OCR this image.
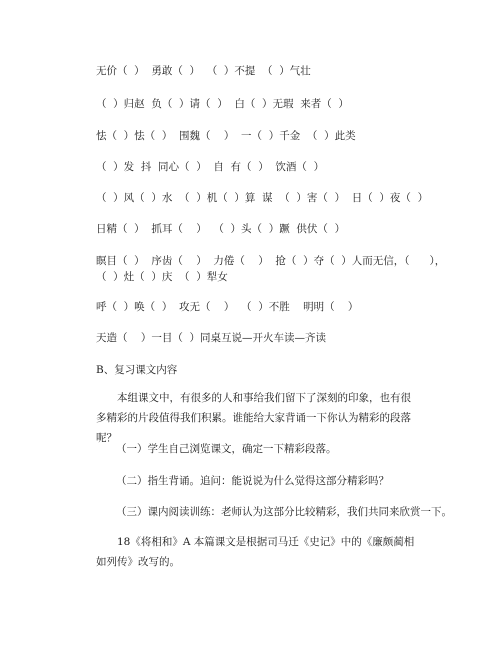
无价（  ）  勇敢（  ）  （  ）不提  （  ）气壮
（  ）归赵  负（  ）请（  ）  白（  ）无瑕  来者（  ）
怯（  ）怯（  ）  围魏（    ）  一（  ）千金  （  ）此类
（  ）发  抖  同心（  ）  自  有（  ）  饮酒（  ）
（  ）风（  ）水  （  ）机（  ）算  谋  （  ）害（  ）  日（  ）夜（  ）
日精（  ）  抓耳（    ）  （  ）头（  ）蹶  供伏（  ）
瞑目（  ）  序齿（    ）  力倦（    ）  抢（  ）夺（  ）人而无信，（      ），
（  ）灶（  ）庆  （  ）犁女
呼（  ）唤（  ）  攻无（    ）  （  ）不胜    明明（    ）
天造（    ）一目（  ）同桌互说—开火车读—齐读
B、复习课文内容
本组课文中，有很多的人和事给我们留下了深刻的印象，也有很多精彩的片段值得我们积累。谁能给大家背诵一下你认为精彩的段落呢？
（一）学生自己浏览课文，确定一下精彩段落。
（二）指生背诵。追问：能说说为什么觉得这部分精彩吗？
（三）课内阅读训练：老师认为这部分比较精彩，我们共同来欣赏一下。
18《将相和》A 本篇课文是根据司马迁《史记》中的《廉颇蔺相如列传》改写的。
